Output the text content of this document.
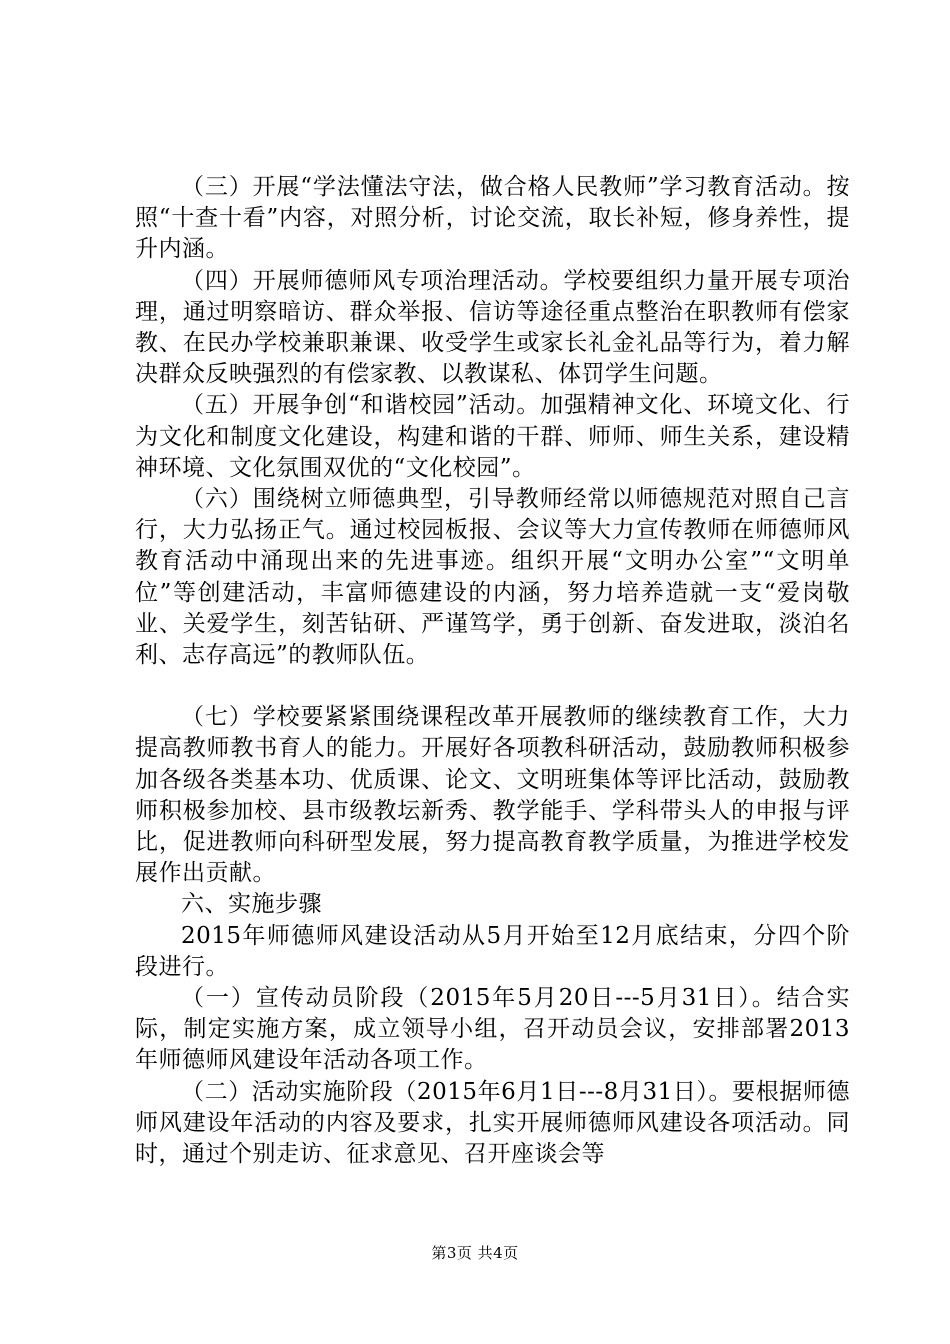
（三）开展“学法懂法守法，做合格人民教师”学习教育活动。按照“十查十看”内容，对照分析，讨论交流，取长补短，修身养性，提升内涵。

（四）开展师德师风专项治理活动。学校要组织力量开展专项治理，通过明察暗访、群众举报、信访等途径重点整治在职教师有偿家教、在民办学校兼职兼课、收受学生或家长礼金礼品等行为，着力解决群众反映强烈的有偿家教、以教谋私、体罚学生问题。

（五）开展争创“和谐校园”活动。加强精神文化、环境文化、行为文化和制度文化建设，构建和谐的干群、师师、师生关系，建设精神环境、文化氛围双优的“文化校园”。

（六）围绕树立师德典型，引导教师经常以师德规范对照自己言行，大力弘扬正气。通过校园板报、会议等大力宣传教师在师德师风教育活动中涌现出来的先进事迹。组织开展“文明办公室”“文明单位”等创建活动，丰富师德建设的内涵，努力培养造就一支“爱岗敬业、关爱学生，刻苦钻研、严谨笃学，勇于创新、奋发进取，淡泊名利、志存高远”的教师队伍。

（七）学校要紧紧围绕课程改革开展教师的继续教育工作，大力提高教师教书育人的能力。开展好各项教科研活动，鼓励教师积极参加各级各类基本功、优质课、论文、文明班集体等评比活动，鼓励教师积极参加校、县市级教坛新秀、教学能手、学科带头人的申报与评比，促进教师向科研型发展，努力提高教育教学质量，为推进学校发展作出贡献。

六、实施步骤

2015年师德师风建设活动从5月开始至12月底结束，分四个阶段进行。

（一）宣传动员阶段（2015年5月20日---5月31日）。结合实际，制定实施方案，成立领导小组，召开动员会议，安排部署2013年师德师风建设年活动各项工作。

（二）活动实施阶段（2015年6月1日---8月31日）。要根据师德师风建设年活动的内容及要求，扎实开展师德师风建设各项活动。同时，通过个别走访、征求意见、召开座谈会等

第3页 共4页
